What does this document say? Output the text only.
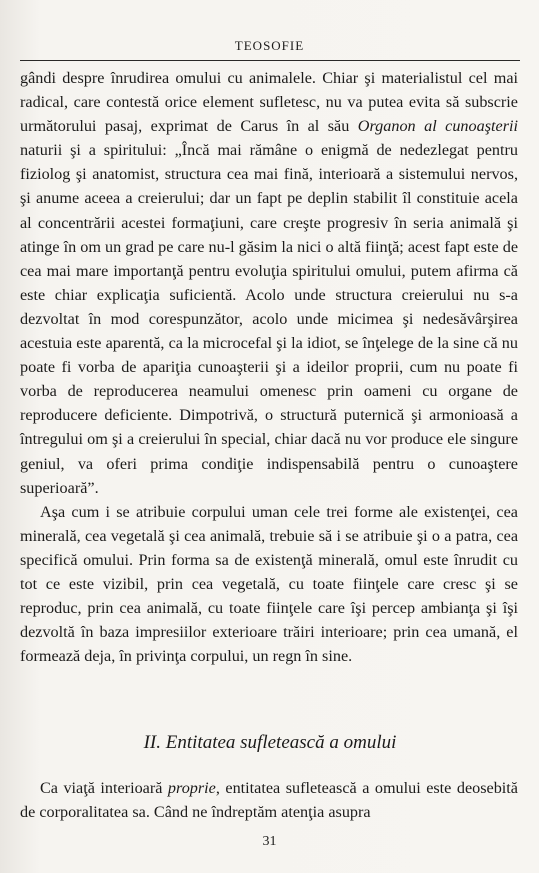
TEOSOFIE

gândi despre înrudirea omului cu animalele. Chiar şi materialistul cel mai radical, care contestă orice element sufletesc, nu va putea evita să subscrie următorului pasaj, exprimat de Carus în al său Organon al cunoaşterii naturii şi a spiritului: „Încă mai rămâne o enigmă de nedezlegat pentru fiziolog şi anatomist, structura cea mai fină, interioară a sistemului nervos, şi anume aceea a creierului; dar un fapt pe deplin stabilit îl constituie acela al concentrării acestei formaţiuni, care creşte progresiv în seria animală şi atinge în om un grad pe care nu-l găsim la nici o altă fiinţă; acest fapt este de cea mai mare importanţă pentru evoluţia spiritului omului, putem afirma că este chiar explicaţia suficientă. Acolo unde structura creierului nu s-a dezvoltat în mod corespunzător, acolo unde micimea şi nedesăvârşirea acestuia este aparentă, ca la microcefal şi la idiot, se înţelege de la sine că nu poate fi vorba de apariţia cunoaşterii şi a ideilor proprii, cum nu poate fi vorba de reproducerea neamului omenesc prin oameni cu organe de reproducere deficiente. Dimpotrivă, o structură puternică şi armonioasă a întregului om şi a creierului în special, chiar dacă nu vor produce ele singure geniul, va oferi prima condiţie indispensabilă pentru o cunoaştere superioară”.

Aşa cum i se atribuie corpului uman cele trei forme ale existenţei, cea minerală, cea vegetală şi cea animală, trebuie să i se atribuie şi o a patra, cea specifică omului. Prin forma sa de existenţă minerală, omul este înrudit cu tot ce este vizibil, prin cea vegetală, cu toate fiinţele care cresc şi se reproduc, prin cea animală, cu toate fiinţele care îşi percep ambianţa şi îşi dezvoltă în baza impresiilor exterioare trăiri interioare; prin cea umană, el formează deja, în privinţa corpului, un regn în sine.

II. Entitatea sufletească a omului
Ca viaţă interioară proprie, entitatea sufletească a omului este deosebită de corporalitatea sa. Când ne îndreptăm atenţia asupra
31
